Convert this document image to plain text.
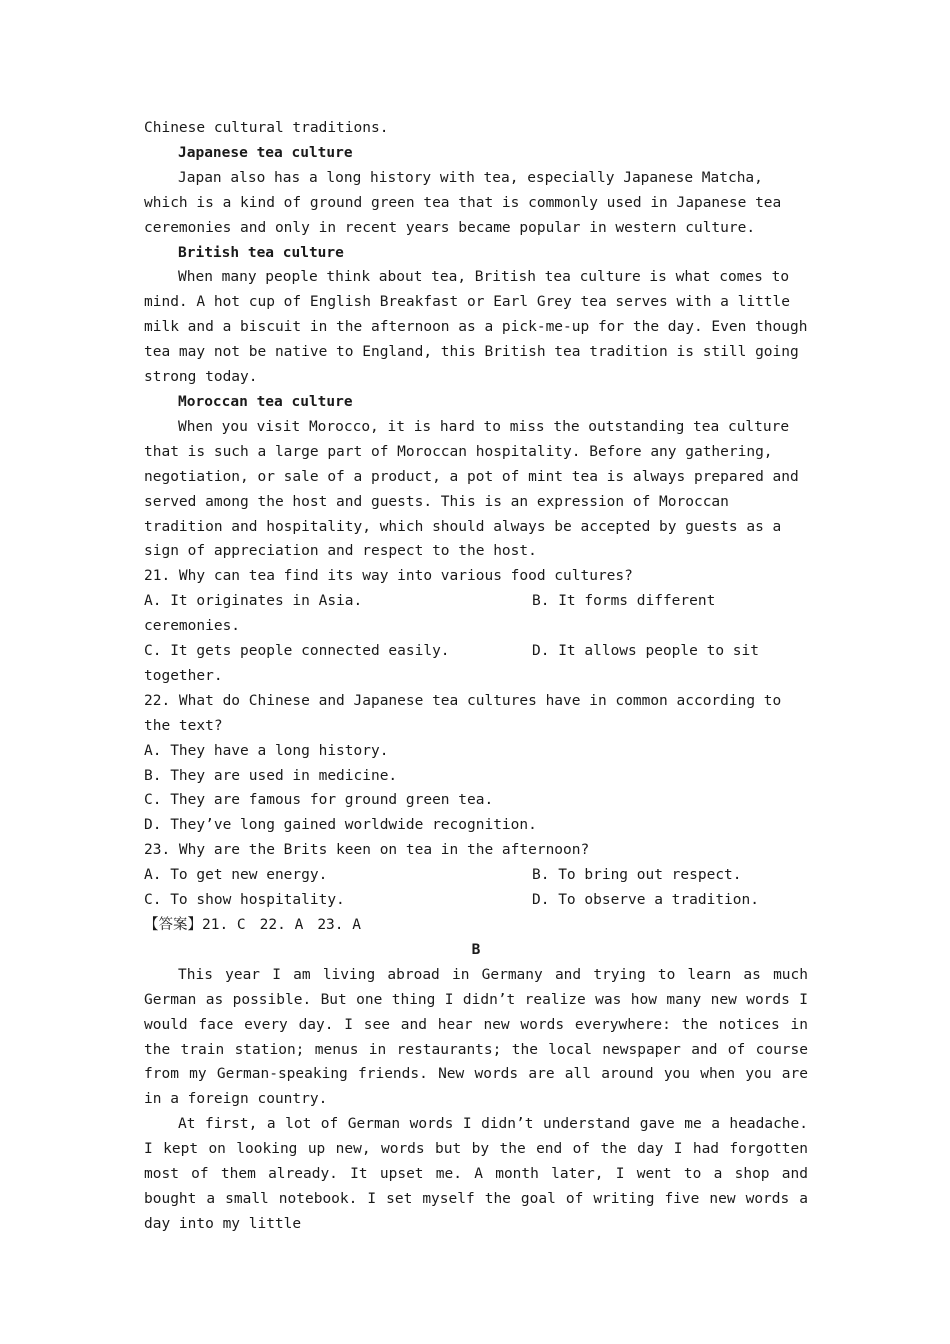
Chinese cultural traditions.

Japanese tea culture

Japan also has a long history with tea, especially Japanese Matcha, which is a kind of ground green tea that is commonly used in Japanese tea ceremonies and only in recent years became popular in western culture.

British tea culture

When many people think about tea, British tea culture is what comes to mind. A hot cup of English Breakfast or Earl Grey tea serves with a little milk and a biscuit in the afternoon as a pick-me-up for the day. Even though tea may not be native to England, this British tea tradition is still going strong today.

Moroccan tea culture

When you visit Morocco, it is hard to miss the outstanding tea culture that is such a large part of Moroccan hospitality. Before any gathering, negotiation, or sale of a product, a pot of mint tea is always prepared and served among the host and guests. This is an expression of Moroccan tradition and hospitality, which should always be accepted by guests as a sign of appreciation and respect to the host.

21. Why can tea find its way into various food cultures?

A. It originates in Asia.	B. It forms different

ceremonies.

C. It gets people connected easily.	D. It allows people to sit

together.

22. What do Chinese and Japanese tea cultures have in common according to the text?

A. They have a long history.

B. They are used in medicine.

C. They are famous for ground green tea.

D. They’ve long gained worldwide recognition.

23. Why are the Brits keen on tea in the afternoon?

A. To get new energy.	B. To bring out respect.
C. To show hospitality.	D. To observe a tradition.

【答案】21. C 22. A 23. A

B

This year I am living abroad in Germany and trying to learn as much German as possible. But one thing I didn’t realize was how many new words I would face every day. I see and hear new words everywhere: the notices in the train station; menus in restaurants; the local newspaper and of course from my German-speaking friends. New words are all around you when you are in a foreign country.

At first, a lot of German words I didn’t understand gave me a headache. I kept on looking up new, words but by the end of the day I had forgotten most of them already. It upset me. A month later, I went to a shop and bought a small notebook. I set myself the goal of writing five new words a day into my little
